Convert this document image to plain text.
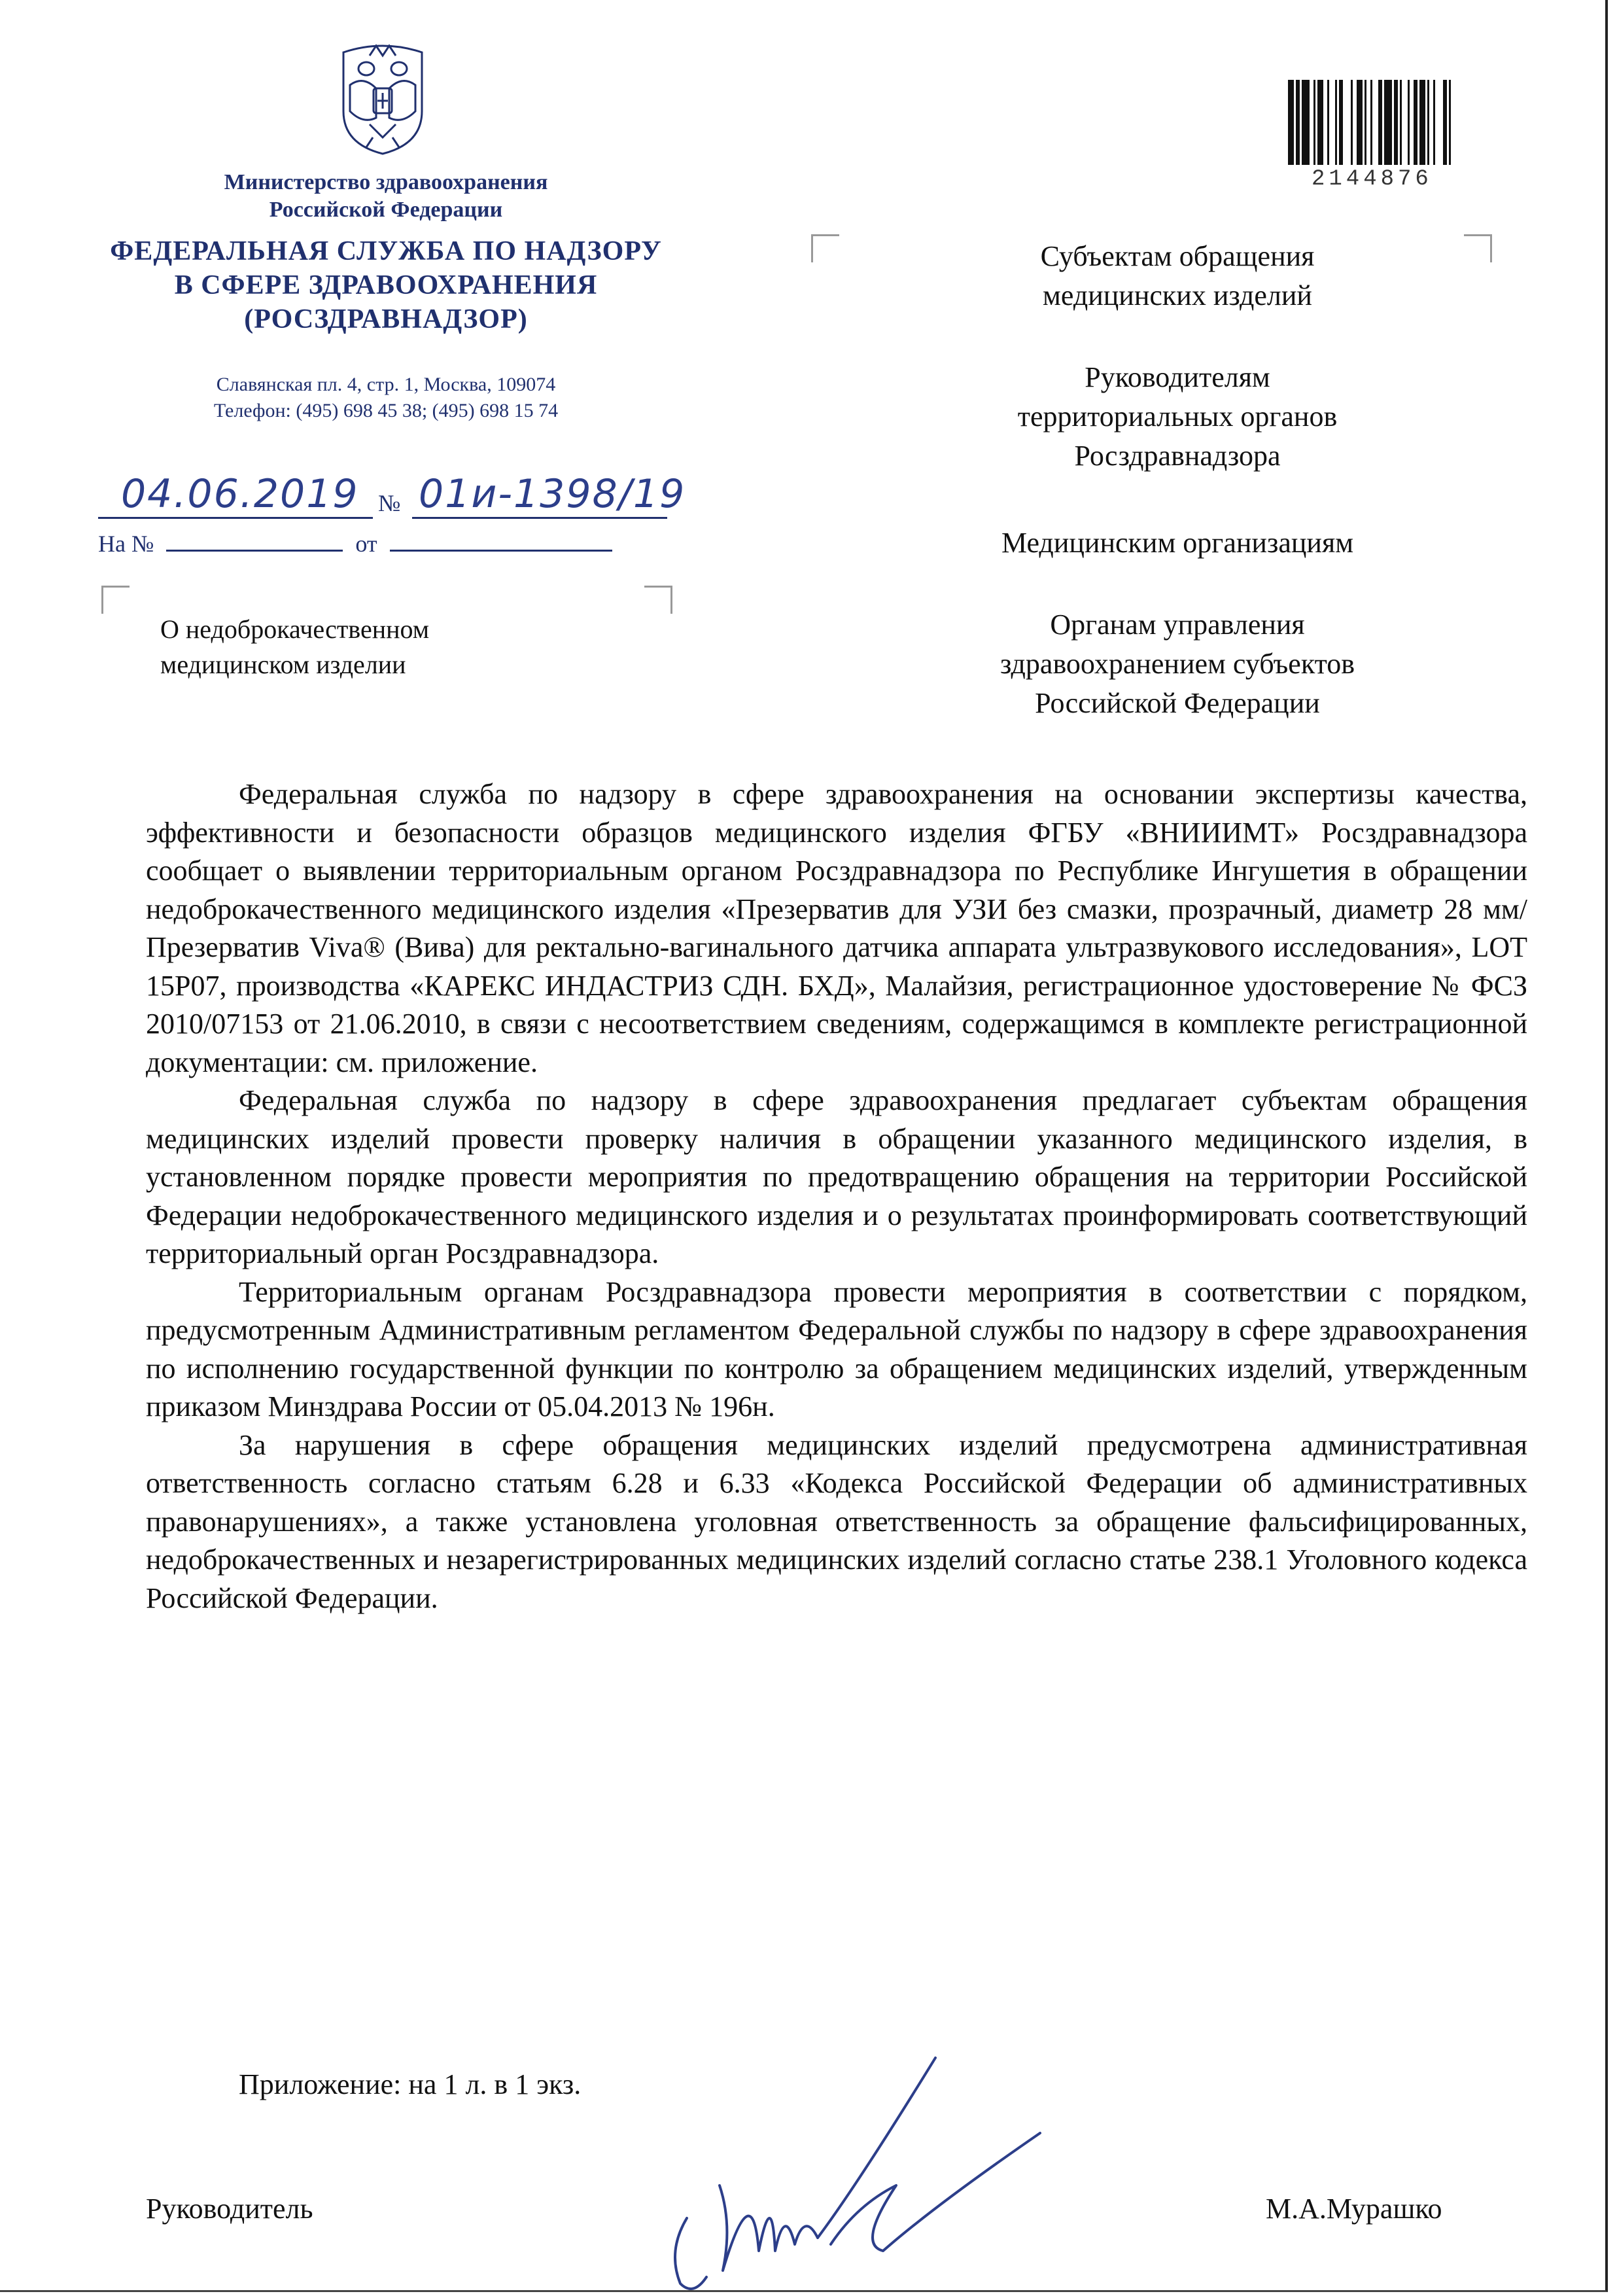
Министерство здравоохранения
Российской Федерации
ФЕДЕРАЛЬНАЯ СЛУЖБА ПО НАДЗОРУ
В СФЕРЕ ЗДРАВООХРАНЕНИЯ
(РОСЗДРАВНАДЗОР)
Славянская пл. 4, стр. 1, Москва, 109074
Телефон: (495) 698 45 38; (495) 698 15 74
04.06.2019 № 01и-1398/19
На №	от
О недоброкачественном
медицинском изделии
2144876
Субъектам обращения
медицинских изделий
Руководителям
территориальных органов
Росздравнадзора
Медицинским организациям
Органам управления
здравоохранением субъектов
Российской Федерации

Федеральная служба по надзору в сфере здравоохранения на основании экспертизы качества, эффективности и безопасности образцов медицинского изделия ФГБУ «ВНИИИМТ» Росздравнадзора сообщает о выявлении территориальным органом Росздравнадзора по Республике Ингушетия в обращении недоброкачественного медицинского изделия «Презерватив для УЗИ без смазки, прозрачный, диаметр 28 мм/Презерватив Viva® (Вива) для ректально-вагинального датчика аппарата ультразвукового исследования», LOT 15P07, производства «КАРЕКС ИНДАСТРИЗ СДН. БХД», Малайзия, регистрационное удостоверение № ФСЗ 2010/07153 от 21.06.2010, в связи с несоответствием сведениям, содержащимся в комплекте регистрационной документации: см. приложение.

Федеральная служба по надзору в сфере здравоохранения предлагает субъектам обращения медицинских изделий провести проверку наличия в обращении указанного медицинского изделия, в установленном порядке провести мероприятия по предотвращению обращения на территории Российской Федерации недоброкачественного медицинского изделия и о результатах проинформировать соответствующий территориальный орган Росздравнадзора.

Территориальным органам Росздравнадзора провести мероприятия в соответствии с порядком, предусмотренным Административным регламентом Федеральной службы по надзору в сфере здравоохранения по исполнению государственной функции по контролю за обращением медицинских изделий, утвержденным приказом Минздрава России от 05.04.2013 № 196н.

За нарушения в сфере обращения медицинских изделий предусмотрена административная ответственность согласно статьям 6.28 и 6.33 «Кодекса Российской Федерации об административных правонарушениях», а также установлена уголовная ответственность за обращение фальсифицированных, недоброкачественных и незарегистрированных медицинских изделий согласно статье 238.1 Уголовного кодекса Российской Федерации.

Приложение: на 1 л. в 1 экз.
Руководитель	М.А.Мурашко
